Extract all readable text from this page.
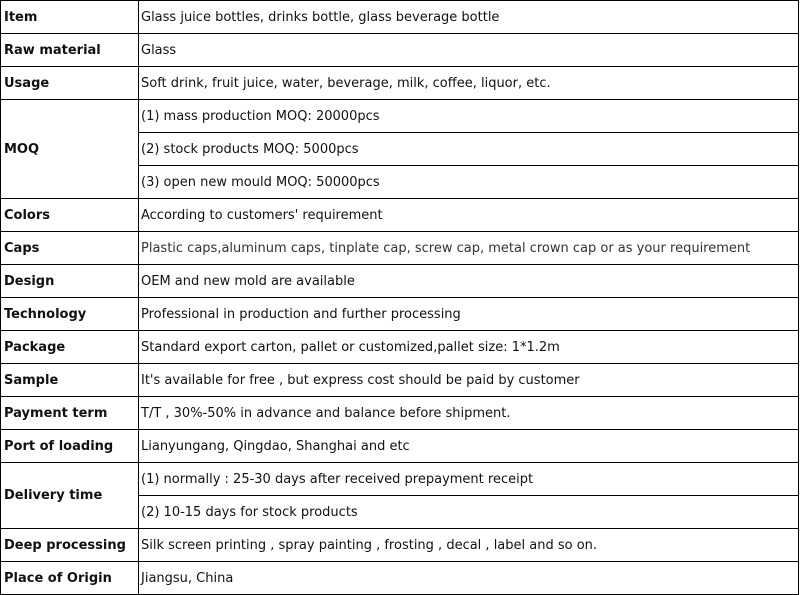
Item	Glass juice bottles, drinks bottle, glass beverage bottle
Raw material	Glass
Usage	Soft drink, fruit juice, water, beverage, milk, coffee, liquor, etc.
MOQ	(1) mass production MOQ: 20000pcs
	(2) stock products MOQ: 5000pcs
	(3) open new mould MOQ: 50000pcs
Colors	According to customers' requirement
Caps	Plastic caps,aluminum caps, tinplate cap, screw cap, metal crown cap or as your requirement
Design	OEM and new mold are available
Technology	Professional in production and further processing
Package	Standard export carton, pallet or customized,pallet size: 1*1.2m
Sample	It's available for free , but express cost should be paid by customer
Payment term	T/T , 30%-50% in advance and balance before shipment.
Port of loading	Lianyungang, Qingdao, Shanghai and etc
Delivery time	(1) normally : 25-30 days after received prepayment receipt
	(2) 10-15 days for stock products
Deep processing	Silk screen printing , spray painting , frosting , decal , label and so on.
Place of Origin	Jiangsu, China
